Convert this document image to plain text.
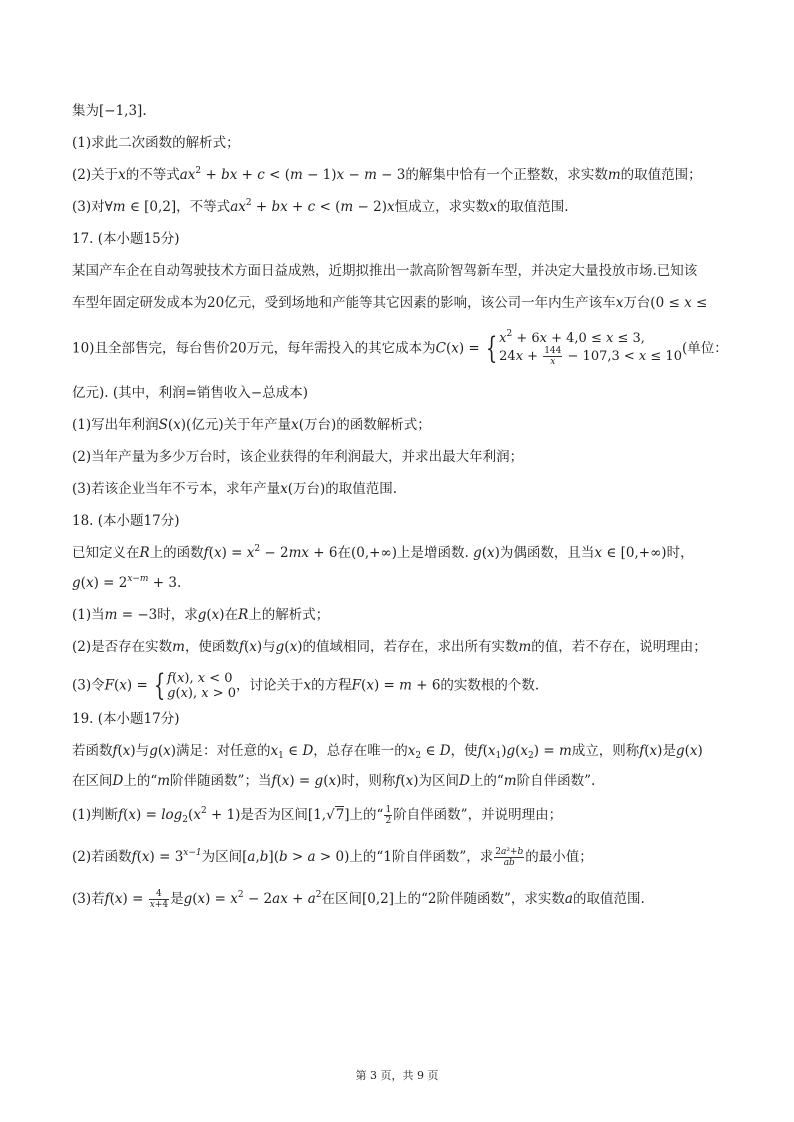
集为[−1,3].
(1)求此二次函数的解析式；
(2)关于x的不等式$ax^2$ + bx + c < (m − 1)x − m − 3的解集中恰有一个正整数，求实数m的取值范围；
(3)对∀m ∈ [0,2]，不等式$ax^2$ + bx + c < (m − 2)x恒成立，求实数x的取值范围.
17. (本小题15分)
某国产车企在自动驾驶技术方面日益成熟，近期拟推出一款高阶智驾新车型，并决定大量投放市场.已知该
车型年固定研发成本为20亿元，受到场地和产能等其它因素的影响，该公司一年内生产该车x万台(0 ≤ x ≤
10)且全部售完，每台售价20万元，每年需投入的其它成本为C(x) = { $x^2 + 6x + 4,0 \le x \le 3$,
$24x + \frac{144}{x} - 107,3 < x \le 10$ (单位：
亿元). (其中，利润=销售收入−总成本)
(1)写出年利润S(x)(亿元)关于年产量x(万台)的函数解析式；
(2)当年产量为多少万台时，该企业获得的年利润最大，并求出最大年利润；
(3)若该企业当年不亏本，求年产量x(万台)的取值范围.
18. (本小题17分)
已知定义在R上的函数$f(x) = x^2 - 2mx + 6$在(0,+∞)上是增函数. g(x)为偶函数，且当x ∈ [0,+∞)时，
$g(x) = 2^{x-m} + 3$.
(1)当m = −3时，求g(x)在R上的解析式；
(2)是否存在实数m，使函数f(x)与g(x)的值域相同，若存在，求出所有实数m的值，若不存在，说明理由；
(3)令F(x) = { f(x), x < 0
g(x), x > 0 ，讨论关于x的方程F(x) = m + 6的实数根的个数.
19. (本小题17分)
若函数f(x)与g(x)满足：对任意的$x_1$ ∈ D，总存在唯一的$x_2$ ∈ D，使$f(x_1)g(x_2) = m$成立，则称f(x)是g(x)
在区间D上的“m阶伴随函数”；当f(x) = g(x)时，则称f(x)为区间D上的“m阶自伴函数”.
(1)判断$f(x) = \log_2(x^2 + 1)$是否为区间[1,√7]上的“ $\frac{1}{2}$ 阶自伴函数”，并说明理由；
(2)若函数$f(x) = 3^{x-1}$为区间[a,b](b > a > 0)上的“1阶自伴函数”，求 $\frac{\text{2a²+b}}{ab}$ 的最小值；
(3)若$f(x) = \frac{4}{x+4}$ 是$g(x) = x^2 - 2ax + a^2$在区间[0,2]上的“2阶伴随函数”，求实数a的取值范围.
第 3 页，共 9 页
